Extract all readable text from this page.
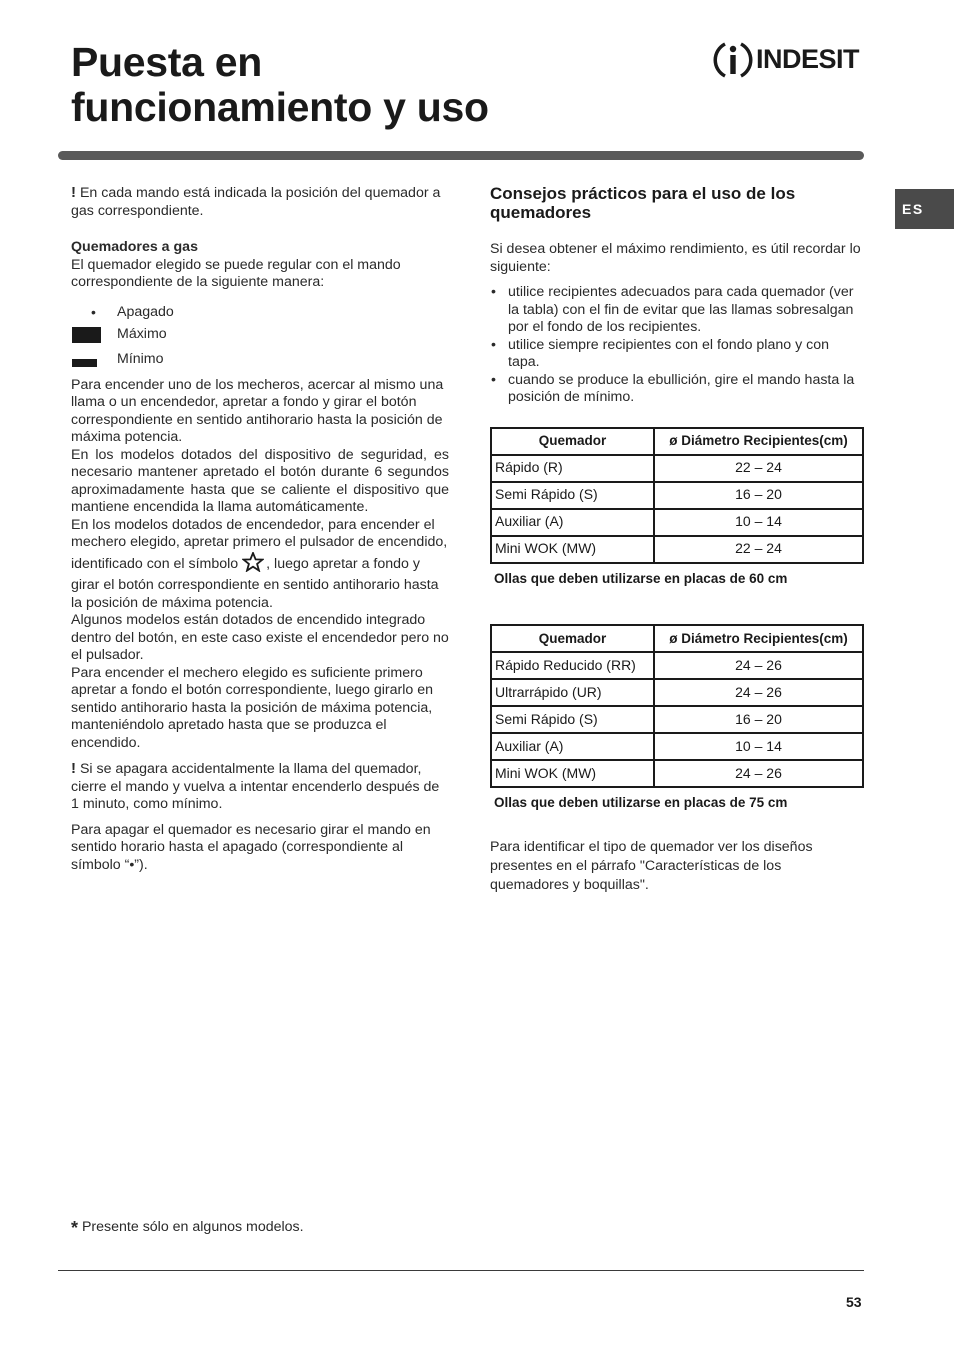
Puesta en
funcionamiento y uso
INDESIT
ES

! En cada mando está indicada la posición del quemador a gas correspondiente.

Quemadores a gas

El quemador elegido se puede regular con el mando correspondiente de la siguiente manera:

• Apagado
Máximo
Mínimo

Para encender uno de los mecheros, acercar al mismo una llama o un encendedor, apretar a fondo y girar el botón correspondiente en sentido antihorario hasta la posición de máxima potencia.

En los modelos dotados del dispositivo de seguridad, es necesario mantener apretado el botón durante 6 segundos aproximadamente hasta que se caliente el dispositivo que mantiene encendida la llama automáticamente.

En los modelos dotados de encendedor, para encender el mechero elegido, apretar primero el pulsador de encendido, identificado con el símbolo , luego apretar a fondo y girar el botón correspondiente en sentido antihorario hasta la posición de máxima potencia.

Algunos modelos están dotados de encendido integrado dentro del botón, en este caso existe el encendedor pero no el pulsador.

Para encender el mechero elegido es suficiente primero apretar a fondo el botón correspondiente, luego girarlo en sentido antihorario hasta la posición de máxima potencia, manteniéndolo apretado hasta que se produzca el encendido.

! Si se apagara accidentalmente la llama del quemador, cierre el mando y vuelva a intentar encenderlo después de 1 minuto, como mínimo.

Para apagar el quemador es necesario girar el mando en sentido horario hasta el apagado (correspondiente al símbolo “•”).

Consejos prácticos para el uso de los quemadores

Si desea obtener el máximo rendimiento, es útil recordar lo siguiente:

• utilice recipientes adecuados para cada quemador (ver la tabla) con el fin de evitar que las llamas sobresalgan por el fondo de los recipientes.
• utilice siempre recipientes con el fondo plano y con tapa.
• cuando se produce la ebullición, gire el mando hasta la posición de mínimo.
Quemador	ø Diámetro Recipientes(cm)
Rápido (R)	22 – 24
Semi Rápido (S)	16 – 20
Auxiliar (A)	10 – 14
Mini WOK (MW)	22 – 24
Ollas que deben utilizarse en placas de 60 cm
Quemador	ø Diámetro Recipientes(cm)
Rápido Reducido (RR)	24 – 26
Ultrarrápido (UR)	24 – 26
Semi Rápido (S)	16 – 20
Auxiliar (A)	10 – 14
Mini WOK (MW)	24 – 26
Ollas que deben utilizarse en placas de 75 cm

Para identificar el tipo de quemador ver los diseños presentes en el párrafo "Características de los quemadores y boquillas".

* Presente sólo en algunos modelos.
53
